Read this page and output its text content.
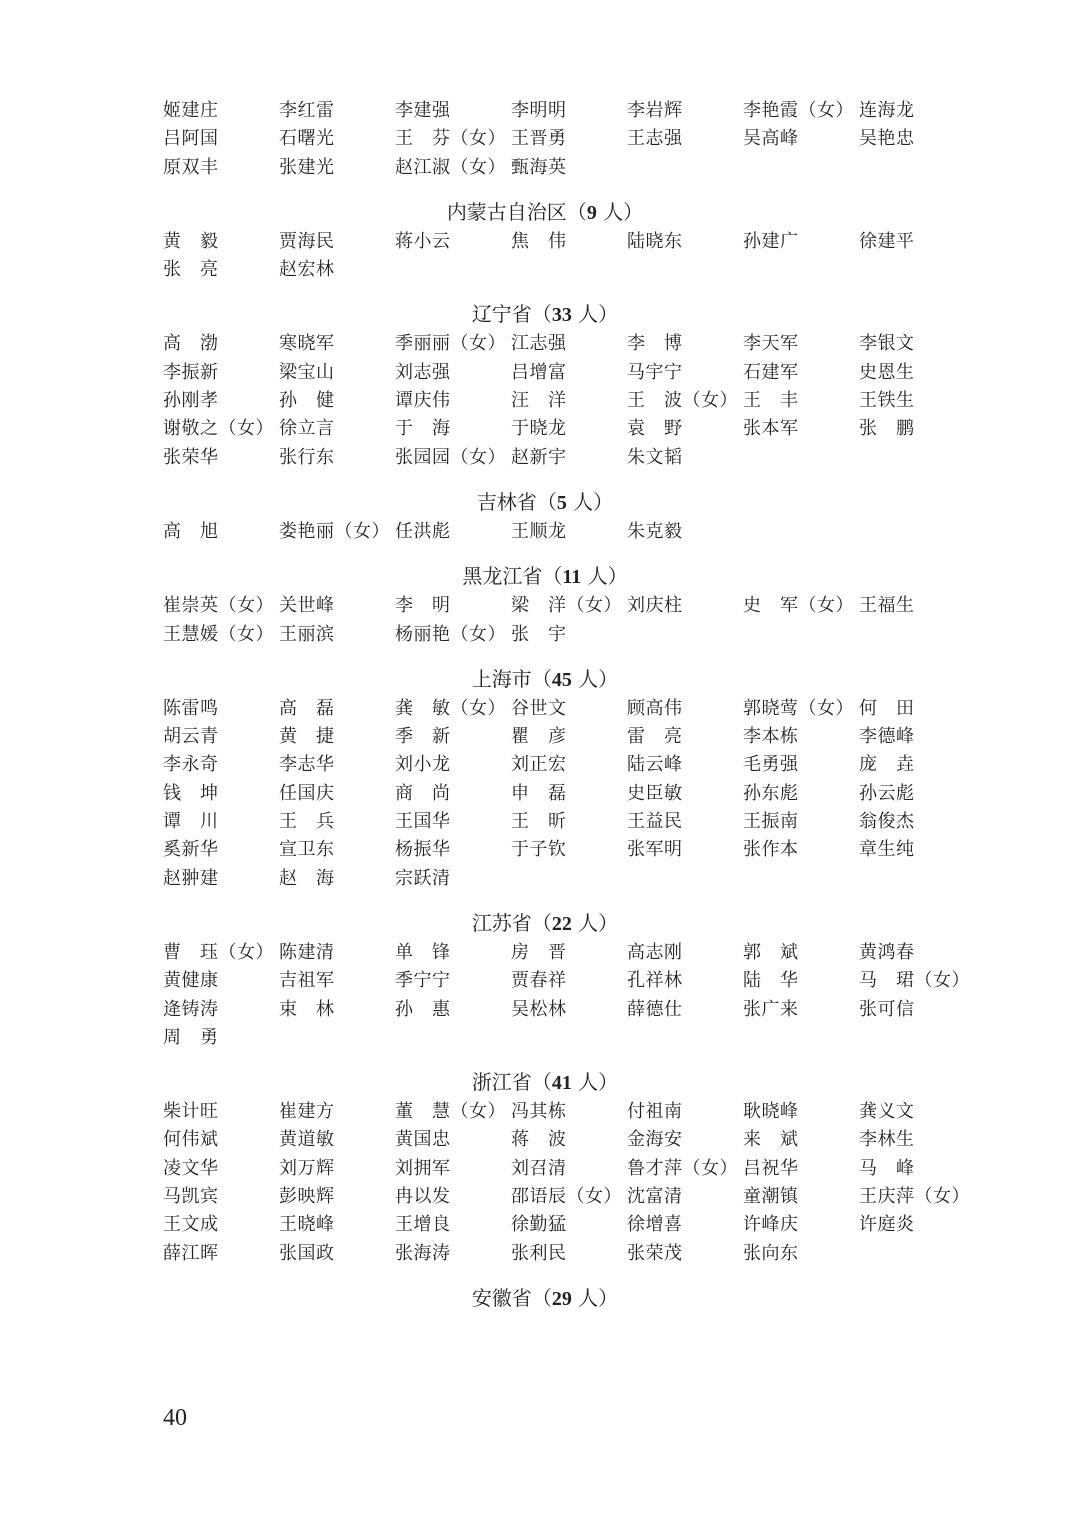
姬建庄	李红雷	李建强	李明明	李岩辉	李艳霞（女） 连海龙
吕阿国	石曙光	王　芬（女） 王晋勇	王志强	吴高峰	吴艳忠
原双丰	张建光	赵江淑（女） 甄海英
内蒙古自治区（9 人）
黄　毅	贾海民	蒋小云	焦　伟	陆晓东	孙建广	徐建平
张　亮	赵宏林
辽宁省（33 人）
高　渤	寒晓军	季丽丽（女） 江志强	李　博	李天军	李银文
李振新	梁宝山	刘志强	吕增富	马宇宁	石建军	史恩生
孙刚孝	孙　健	谭庆伟	汪　洋	王　波（女） 王　丰	王铁生
谢敬之（女） 徐立言	于　海	于晓龙	袁　野	张本军	张　鹏
张荣华	张行东	张园园（女） 赵新宇	朱文韬
吉林省（5 人）
高　旭	娄艳丽（女） 任洪彪	王顺龙	朱克毅
黑龙江省（11 人）
崔崇英（女） 关世峰	李　明	梁　洋（女） 刘庆柱	史　军（女） 王福生
王慧媛（女） 王丽滨	杨丽艳（女） 张　宇
上海市（45 人）
陈雷鸣	高　磊	龚　敏（女） 谷世文	顾高伟	郭晓莺（女） 何　田
胡云青	黄　捷	季　新	瞿　彦	雷　亮	李本栋	李德峰
李永奇	李志华	刘小龙	刘正宏	陆云峰	毛勇强	庞　垚
钱　坤	任国庆	商　尚	申　磊	史臣敏	孙东彪	孙云彪
谭　川	王　兵	王国华	王　昕	王益民	王振南	翁俊杰
奚新华	宣卫东	杨振华	于子钦	张军明	张作本	章生纯
赵翀建	赵　海	宗跃清
江苏省（22 人）
曹　珏（女） 陈建清	单　锋	房　晋	高志刚	郭　斌	黄鸿春
黄健康	吉祖军	季宁宁	贾春祥	孔祥林	陆　华	马　珺（女）
逄铸涛	束　林	孙　惠	吴松林	薛德仕	张广来	张可信
周　勇
浙江省（41 人）
柴计旺	崔建方	董　慧（女） 冯其栋	付祖南	耿晓峰	龚义文
何伟斌	黄道敏	黄国忠	蒋　波	金海安	来　斌	李林生
凌文华	刘万辉	刘拥军	刘召清	鲁才萍（女） 吕祝华	马　峰
马凯宾	彭映辉	冉以发	邵语辰（女） 沈富清	童潮镇	王庆萍（女）
王文成	王晓峰	王增良	徐勤猛	徐增喜	许峰庆	许庭炎
薛江晖	张国政	张海涛	张利民	张荣茂	张向东
安徽省（29 人）
40
